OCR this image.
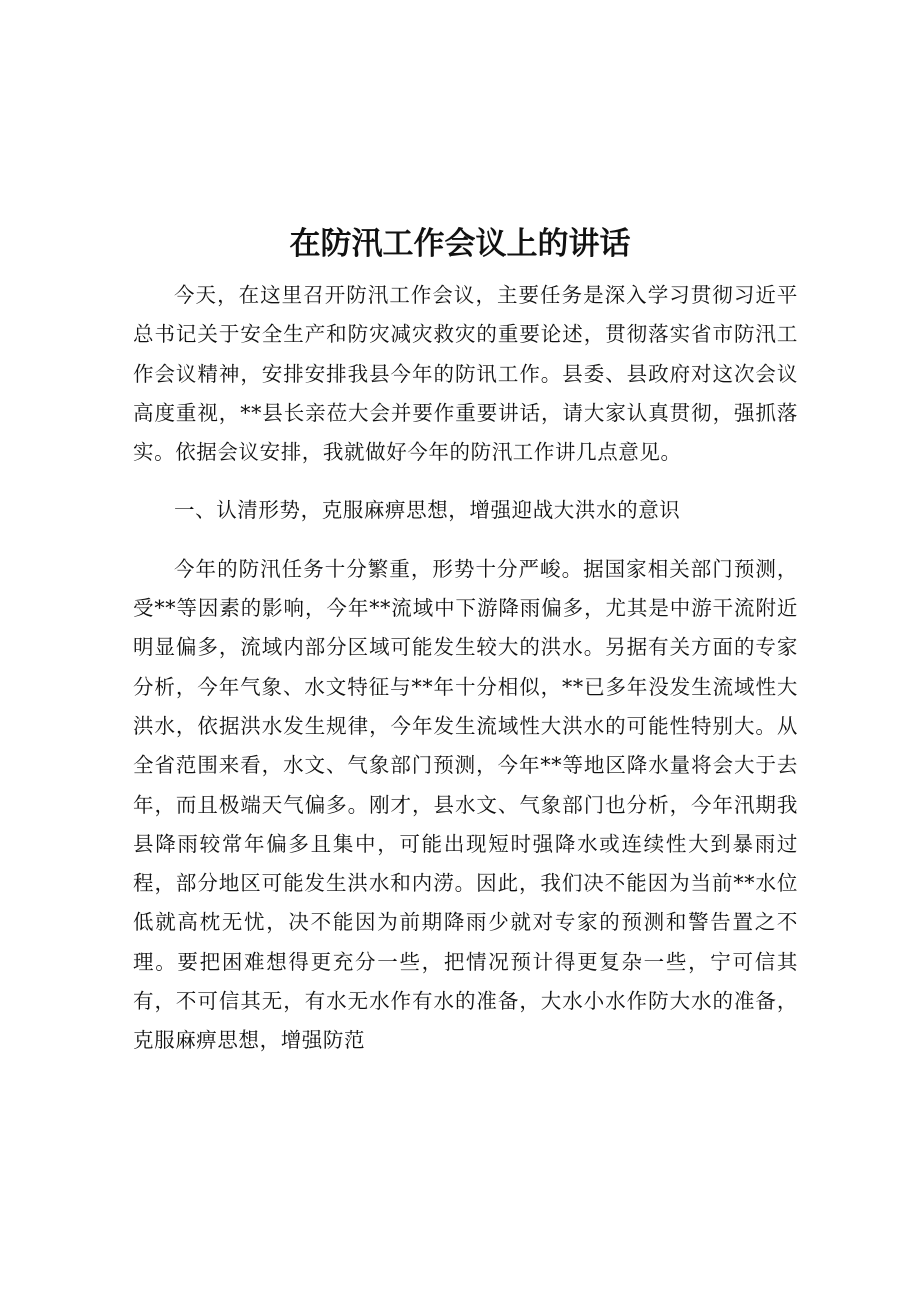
在防汛工作会议上的讲话

今天，在这里召开防汛工作会议，主要任务是深入学习贯彻习近平总书记关于安全生产和防灾减灾救灾的重要论述，贯彻落实省市防汛工作会议精神，安排安排我县今年的防讯工作。县委、县政府对这次会议高度重视，**县长亲莅大会并要作重要讲话，请大家认真贯彻，强抓落实。依据会议安排，我就做好今年的防汛工作讲几点意见。

一、认清形势，克服麻痹思想，增强迎战大洪水的意识

今年的防汛任务十分繁重，形势十分严峻。据国家相关部门预测，受**等因素的影响，今年**流域中下游降雨偏多，尤其是中游干流附近明显偏多，流域内部分区域可能发生较大的洪水。另据有关方面的专家分析，今年气象、水文特征与**年十分相似，**已多年没发生流域性大洪水，依据洪水发生规律，今年发生流域性大洪水的可能性特别大。从全省范围来看，水文、气象部门预测，今年**等地区降水量将会大于去年，而且极端天气偏多。刚才，县水文、气象部门也分析，今年汛期我县降雨较常年偏多且集中，可能出现短时强降水或连续性大到暴雨过程，部分地区可能发生洪水和内涝。因此，我们决不能因为当前**水位低就高枕无忧，决不能因为前期降雨少就对专家的预测和警告置之不理。要把困难想得更充分一些，把情况预计得更复杂一些，宁可信其有，不可信其无，有水无水作有水的准备，大水小水作防大水的准备，克服麻痹思想，增强防范
